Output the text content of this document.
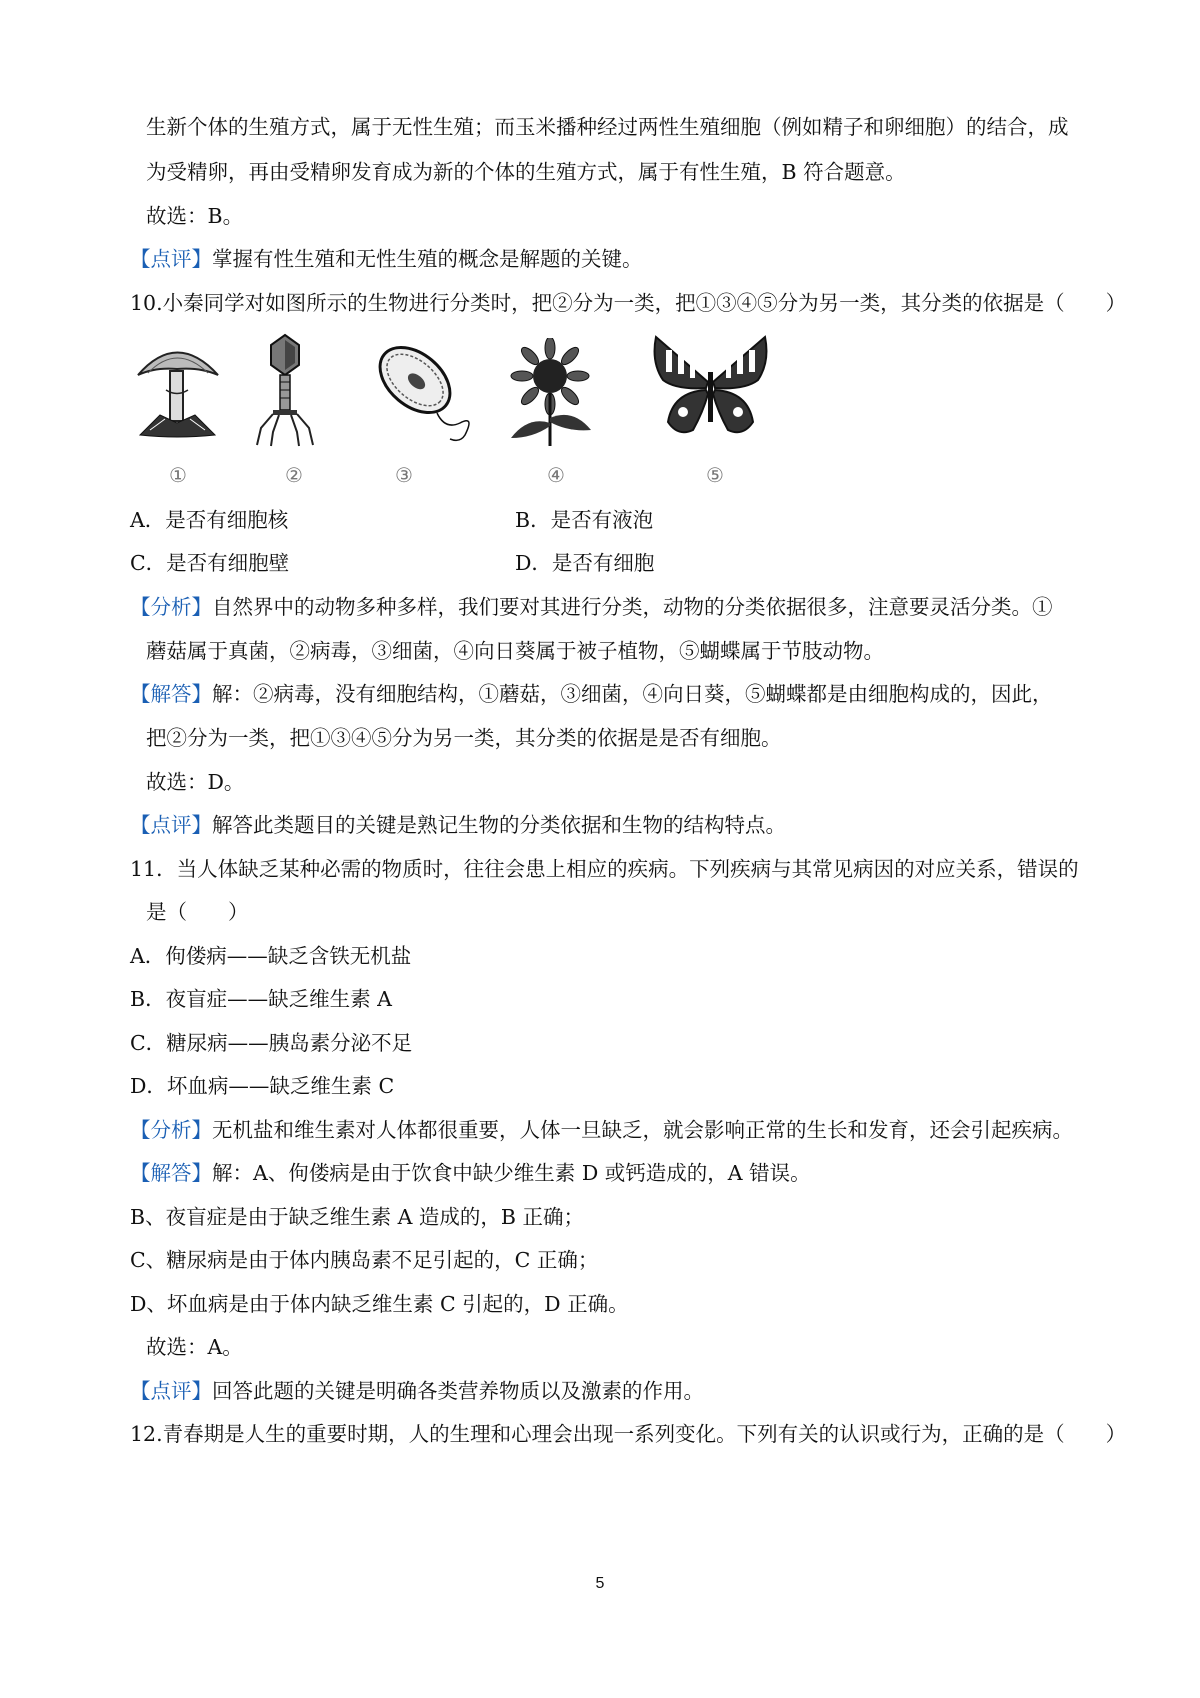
生新个体的生殖方式，属于无性生殖；而玉米播种经过两性生殖细胞（例如精子和卵细胞）的结合，成
为受精卵，再由受精卵发育成为新的个体的生殖方式，属于有性生殖，B 符合题意。
故选：B。
【点评】掌握有性生殖和无性生殖的概念是解题的关键。
10.小秦同学对如图所示的生物进行分类时，把②分为一类，把①③④⑤分为另一类，其分类的依据是（　　）
①	②	③	④	⑤
A．是否有细胞核	B．是否有液泡
C．是否有细胞壁	D．是否有细胞
【分析】自然界中的动物多种多样，我们要对其进行分类，动物的分类依据很多，注意要灵活分类。①
蘑菇属于真菌，②病毒，③细菌，④向日葵属于被子植物，⑤蝴蝶属于节肢动物。
【解答】解：②病毒，没有细胞结构，①蘑菇，③细菌，④向日葵，⑤蝴蝶都是由细胞构成的，因此，
把②分为一类，把①③④⑤分为另一类，其分类的依据是是否有细胞。
故选：D。
【点评】解答此类题目的关键是熟记生物的分类依据和生物的结构特点。
11．当人体缺乏某种必需的物质时，往往会患上相应的疾病。下列疾病与其常见病因的对应关系，错误的
是（　　）
A．佝偻病——缺乏含铁无机盐
B．夜盲症——缺乏维生素 A
C．糖尿病——胰岛素分泌不足
D．坏血病——缺乏维生素 C
【分析】无机盐和维生素对人体都很重要，人体一旦缺乏，就会影响正常的生长和发育，还会引起疾病。
【解答】解：A、佝偻病是由于饮食中缺少维生素 D 或钙造成的，A 错误。
B、夜盲症是由于缺乏维生素 A 造成的，B 正确；
C、糖尿病是由于体内胰岛素不足引起的，C 正确；
D、坏血病是由于体内缺乏维生素 C 引起的，D 正确。
故选：A。
【点评】回答此题的关键是明确各类营养物质以及激素的作用。
12.青春期是人生的重要时期，人的生理和心理会出现一系列变化。下列有关的认识或行为，正确的是（　　）
5
